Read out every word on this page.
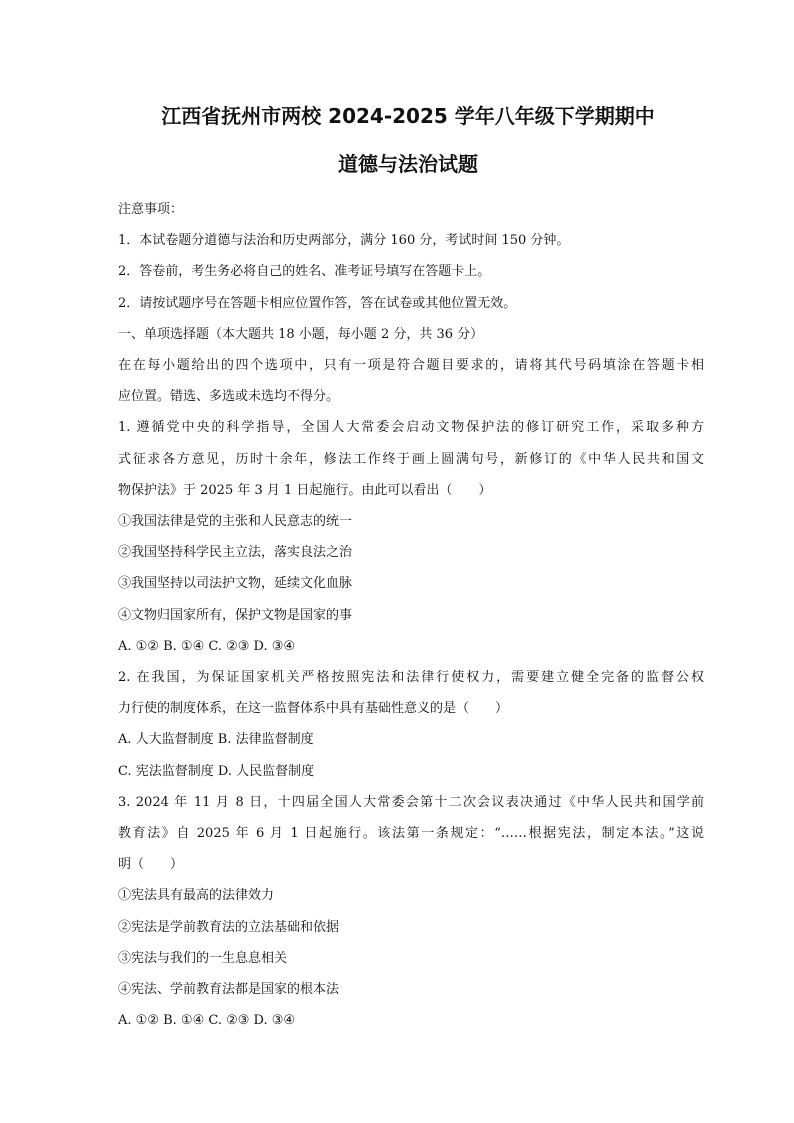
江西省抚州市两校 2024-2025 学年八年级下学期期中
道德与法治试题
注意事项：
1．本试卷题分道德与法治和历史两部分，满分 160 分，考试时间 150 分钟。
2．答卷前，考生务必将自己的姓名、准考证号填写在答题卡上。
2．请按试题序号在答题卡相应位置作答，答在试卷或其他位置无效。
一、单项选择题（本大题共 18 小题，每小题 2 分，共 36 分）
在在每小题给出的四个选项中，只有一项是符合题目要求的，请将其代号码填涂在答题卡相
应位置。错选、多选或未选均不得分。
1. 遵循党中央的科学指导，全国人大常委会启动文物保护法的修订研究工作，采取多种方
式征求各方意见，历时十余年，修法工作终于画上圆满句号，新修订的《中华人民共和国文
物保护法》于 2025 年 3 月 1 日起施行。由此可以看出（　　）
①我国法律是党的主张和人民意志的统一
②我国坚持科学民主立法，落实良法之治
③我国坚持以司法护文物，延续文化血脉
④文物归国家所有，保护文物是国家的事
A. ①② B. ①④ C. ②③ D. ③④
2. 在我国，为保证国家机关严格按照宪法和法律行使权力，需要建立健全完备的监督公权
力行使的制度体系，在这一监督体系中具有基础性意义的是（　　）
A. 人大监督制度 B. 法律监督制度
C. 宪法监督制度 D. 人民监督制度
3. 2024 年 11 月 8 日，十四届全国人大常委会第十二次会议表决通过《中华人民共和国学前
教育法》自 2025 年 6 月 1 日起施行。该法第一条规定：“……根据宪法，制定本法。”这说
明（　　）
①宪法具有最高的法律效力
②宪法是学前教育法的立法基础和依据
③宪法与我们的一生息息相关
④宪法、学前教育法都是国家的根本法
A. ①② B. ①④ C. ②③ D. ③④
